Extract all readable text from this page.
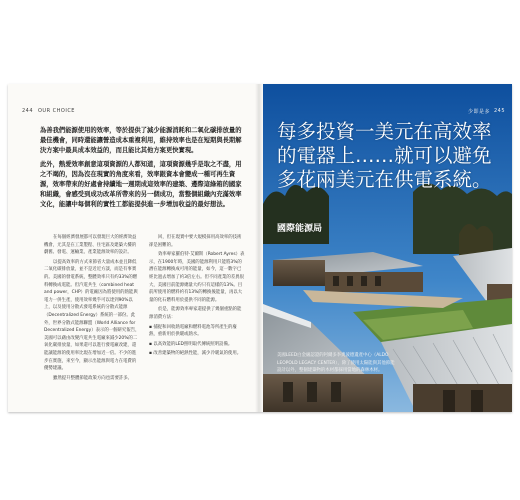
244 OUR CHOICE

為善我們能源使用的效率，等於提供了減少能源消耗和二氧化碳排放量的最佳機會，同時還能讓營造成本重複利用，維持效率也是在短期與長期解決方案中最具成本效益的，而且能比其他方案更快實現。

此外，熱愛效率創意這項資源的人都知道，這項資源幾乎是取之不盡，用之不竭的，因為沒在現實的角度來看，效率跟資本會變成一種可再生資源，效率帶來的好處會持續地一週期成這效率的建築、邊際這綠箱的國家和組織，會感受到成功改革所帶來的另一個成功，當整個組織內充滿效率文化，能讓中每個利的實性工都能提供進一步增加收益的最好想法。

在每個經濟發展都可以發現巨大的經濟效益機會，尤其是在工業製程、住宅區及建築大樓的劇舊、發電、運輸業、產業能源效率的設計。

以提高效率的方式來節省大量成本並且降低二氧化碳排放量，並不是近近方談，而是有事實的。美國的發電系統，整體效率只有約33%的燃料轉換成電能。但汽電共生（combined heat and power，CHP）的電廠因為將使用的熱能與電力一併生產，使用效率幾乎可以達到90%以上，以及使用分散式發電系統的分散式能源（Decentralized Energy）系統的一部份。此外，世界分散式能源聯盟（World Alliance for Decentralized Energy）表示的一個研究報告，美國可以藉由改變汽電共生電廠來減少20%的二氧化碳排放量，如果還可以進行發電廠改建，還能讓能源的使用率比現在增加近一倍。不少的進步在實施，來至今，顯示出能源與電力在電費的優勢建議。

雖然提升整體節能政策方向也需要許多。

回，但在現實中要大規模採用高效率的技術卻是困難的。

效率專家羅伯特‧艾爾斯（Robert Ayres）表示，在1900年時，美國的能源利用只能將3%的潛在能源轉換成可用的能量，如今，這一數字已經比過去增加了約3倍左右。但不同產業的差異很大，美國目前能源總量大約只有這樣的13%。目前所使用的燃料約有13%的轉換後能量，再以大量的化石燃料用於提供不同的能源。

於是，能源效率專家還提供了幾個重點的能源消費方法：

▪ 捕捉和回收熱電廠和燃料電池等所產生的廢熱，重新用於供暖或熱水。

▪ 以高效能的LED照明取代傳統照明設備。

▪ 改善建築物的絕熱性能，減少冷暖氣的使用。

少即是多 245
每多投資一美元在高效率的電器上……就可以避免多花兩美元在供電系統。
國際能源局
美國LEED白金級認證的阿爾多李奧波德遺產中心（ALDO LEOPOLD LEGACY CENTER），除了使用太陽能與其他節能設計以外，整個建築物的木材都採用當地的森林木材。
